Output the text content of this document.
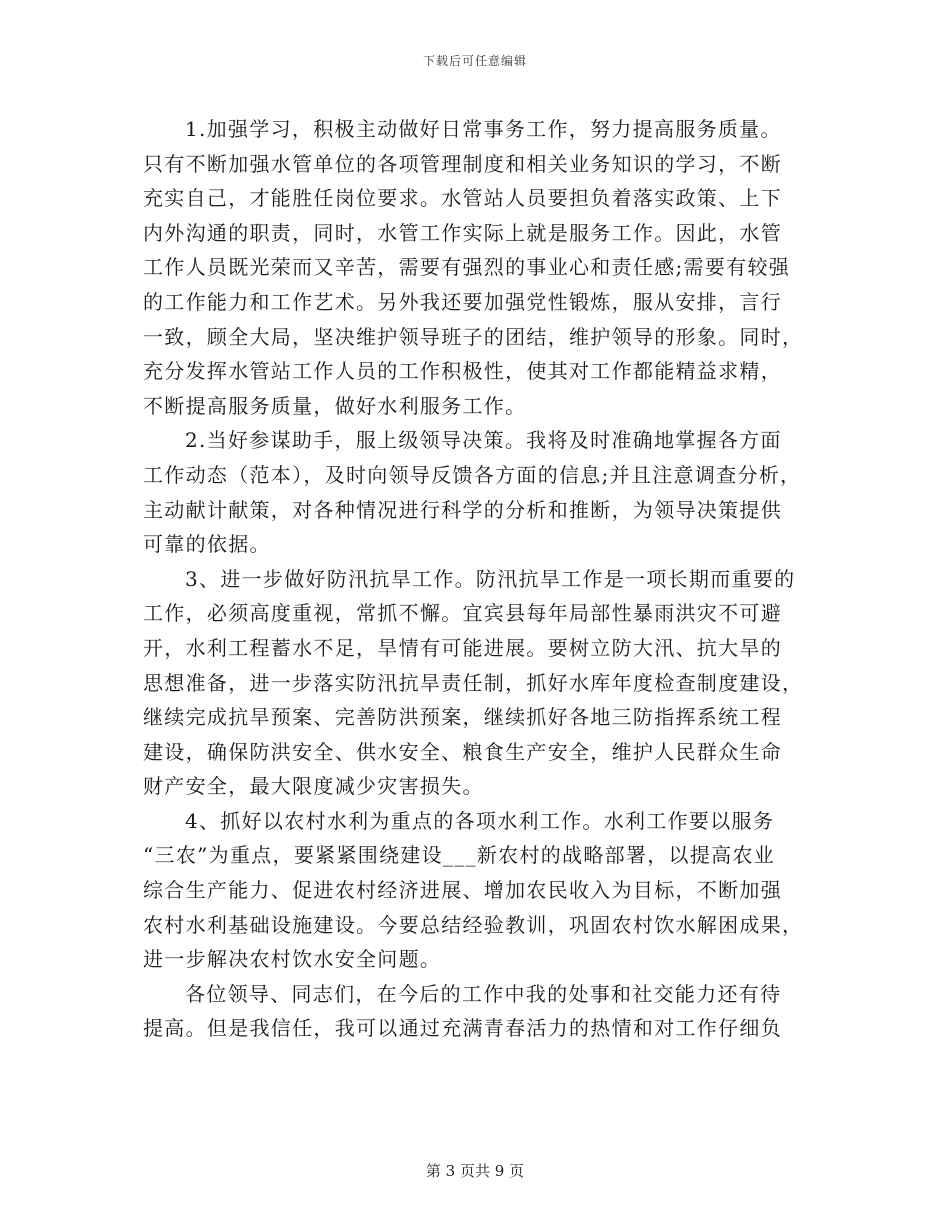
下载后可任意编辑
1.加强学习，积极主动做好日常事务工作，努力提高服务质量。
只有不断加强水管单位的各项管理制度和相关业务知识的学习，不断
充实自己，才能胜任岗位要求。水管站人员要担负着落实政策、上下
内外沟通的职责，同时，水管工作实际上就是服务工作。因此，水管
工作人员既光荣而又辛苦，需要有强烈的事业心和责任感;需要有较强
的工作能力和工作艺术。另外我还要加强党性锻炼，服从安排，言行
一致，顾全大局，坚决维护领导班子的团结，维护领导的形象。同时，
充分发挥水管站工作人员的工作积极性，使其对工作都能精益求精，
不断提高服务质量，做好水利服务工作。
2.当好参谋助手，服上级领导决策。我将及时准确地掌握各方面
工作动态（范本），及时向领导反馈各方面的信息;并且注意调查分析，
主动献计献策，对各种情况进行科学的分析和推断，为领导决策提供
可靠的依据。
3、进一步做好防汛抗旱工作。防汛抗旱工作是一项长期而重要的
工作，必须高度重视，常抓不懈。宜宾县每年局部性暴雨洪灾不可避
开，水利工程蓄水不足，旱情有可能进展。要树立防大汛、抗大旱的
思想准备，进一步落实防汛抗旱责任制，抓好水库年度检查制度建设，
继续完成抗旱预案、完善防洪预案，继续抓好各地三防指挥系统工程
建设，确保防洪安全、供水安全、粮食生产安全，维护人民群众生命
财产安全，最大限度减少灾害损失。
4、抓好以农村水利为重点的各项水利工作。水利工作要以服务
“三农”为重点，要紧紧围绕建设___新农村的战略部署，以提高农业
综合生产能力、促进农村经济进展、增加农民收入为目标，不断加强
农村水利基础设施建设。今要总结经验教训，巩固农村饮水解困成果，
进一步解决农村饮水安全问题。
各位领导、同志们，在今后的工作中我的处事和社交能力还有待
提高。但是我信任，我可以通过充满青春活力的热情和对工作仔细负
第 3 页共 9 页
